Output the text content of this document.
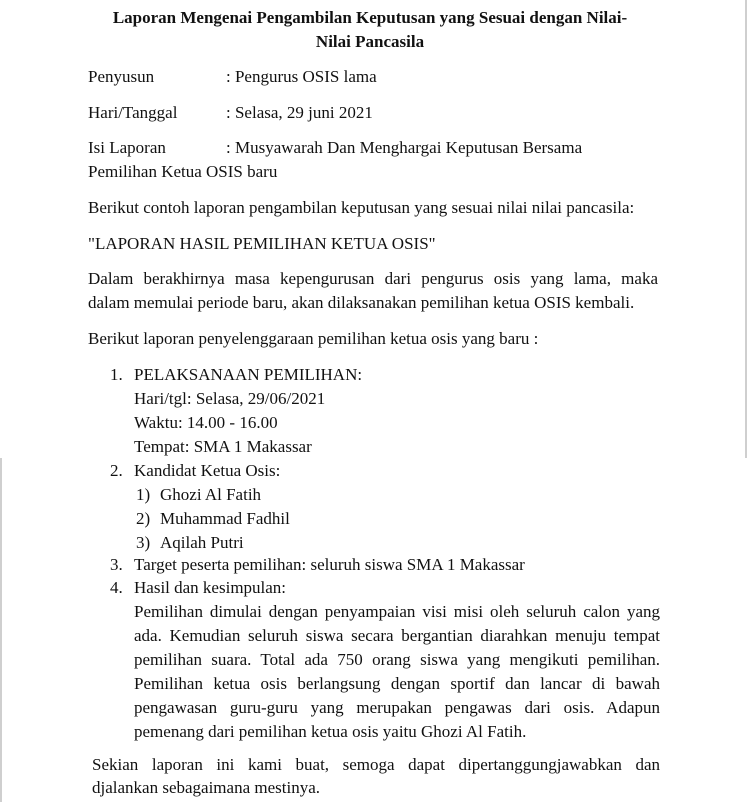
Laporan Mengenai Pengambilan Keputusan yang Sesuai dengan Nilai-
Nilai Pancasila
Penyusun	: Pengurus OSIS lama
Hari/Tanggal	: Selasa, 29 juni 2021
Isi Laporan	: Musyawarah Dan Menghargai Keputusan Bersama
Pemilihan Ketua OSIS baru
Berikut contoh laporan pengambilan keputusan yang sesuai nilai nilai pancasila:
"LAPORAN HASIL PEMILIHAN KETUA OSIS"
Dalam berakhirnya masa kepengurusan dari pengurus osis yang lama, maka
dalam memulai periode baru, akan dilaksanakan pemilihan ketua OSIS kembali.
Berikut laporan penyelenggaraan pemilihan ketua osis yang baru :
1. PELAKSANAAN PEMILIHAN:
Hari/tgl: Selasa, 29/06/2021
Waktu: 14.00 - 16.00
Tempat: SMA 1 Makassar
2. Kandidat Ketua Osis:
1) Ghozi Al Fatih
2) Muhammad Fadhil
3) Aqilah Putri
3. Target peserta pemilihan: seluruh siswa SMA 1 Makassar
4. Hasil dan kesimpulan:
Pemilihan dimulai dengan penyampaian visi misi oleh seluruh calon yang
ada. Kemudian seluruh siswa secara bergantian diarahkan menuju tempat
pemilihan suara. Total ada 750 orang siswa yang mengikuti pemilihan.
Pemilihan ketua osis berlangsung dengan sportif dan lancar di bawah
pengawasan guru-guru yang merupakan pengawas dari osis. Adapun
pemenang dari pemilihan ketua osis yaitu Ghozi Al Fatih.
Sekian laporan ini kami buat, semoga dapat dipertanggungjawabkan dan
djalankan sebagaimana mestinya.
